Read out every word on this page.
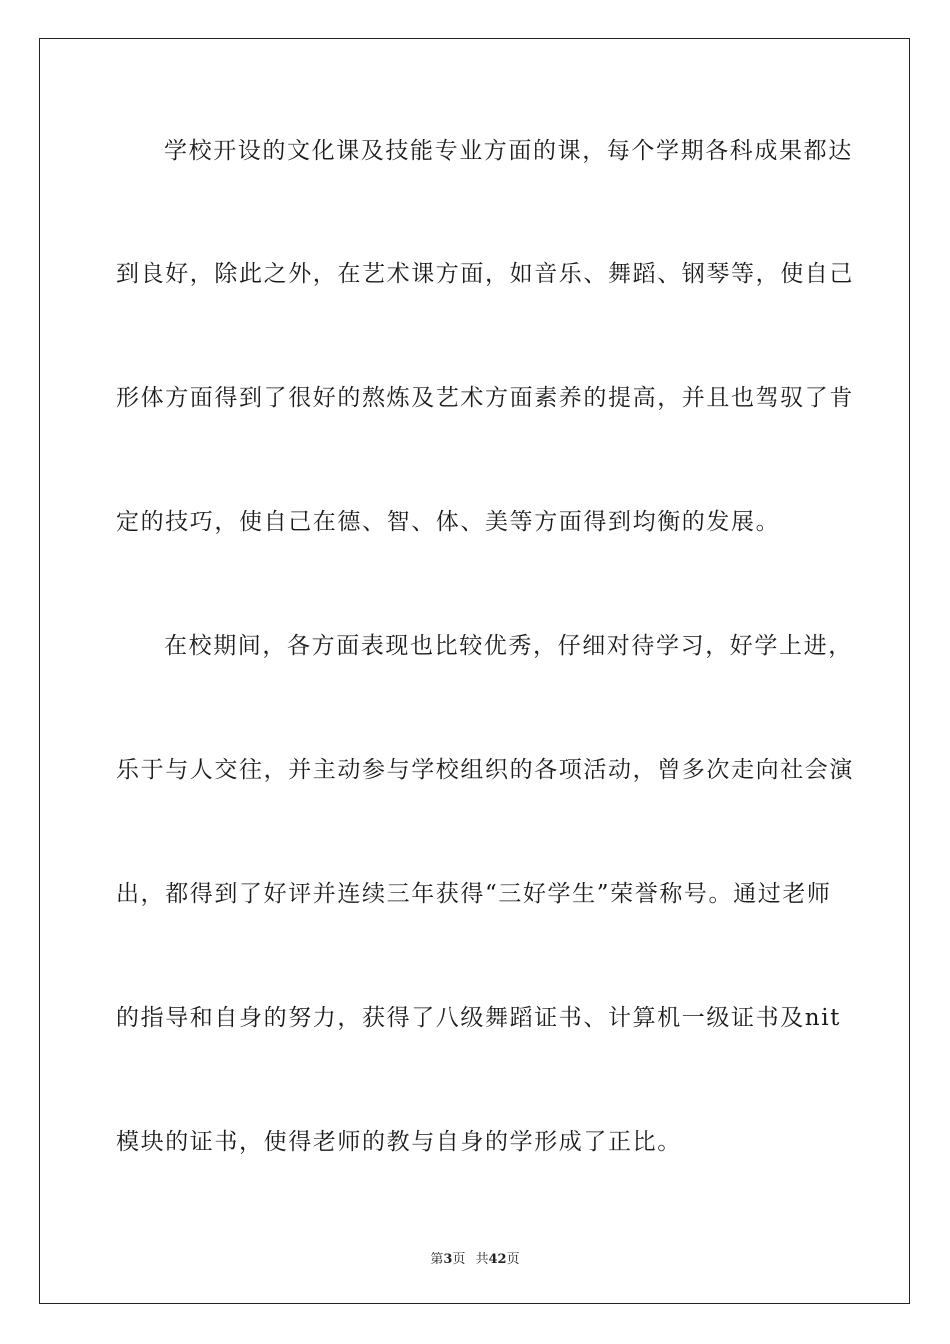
学校开设的文化课及技能专业方面的课，每个学期各科成果都达

到良好，除此之外，在艺术课方面，如音乐、舞蹈、钢琴等，使自己

形体方面得到了很好的熬炼及艺术方面素养的提高，并且也驾驭了肯

定的技巧，使自己在德、智、体、美等方面得到均衡的发展。

在校期间，各方面表现也比较优秀，仔细对待学习，好学上进，

乐于与人交往，并主动参与学校组织的各项活动，曾多次走向社会演

出，都得到了好评并连续三年获得“三好学生”荣誉称号。通过老师

的指导和自身的努力，获得了八级舞蹈证书、计算机一级证书及nit

模块的证书，使得老师的教与自身的学形成了正比。

第3页 共42页
